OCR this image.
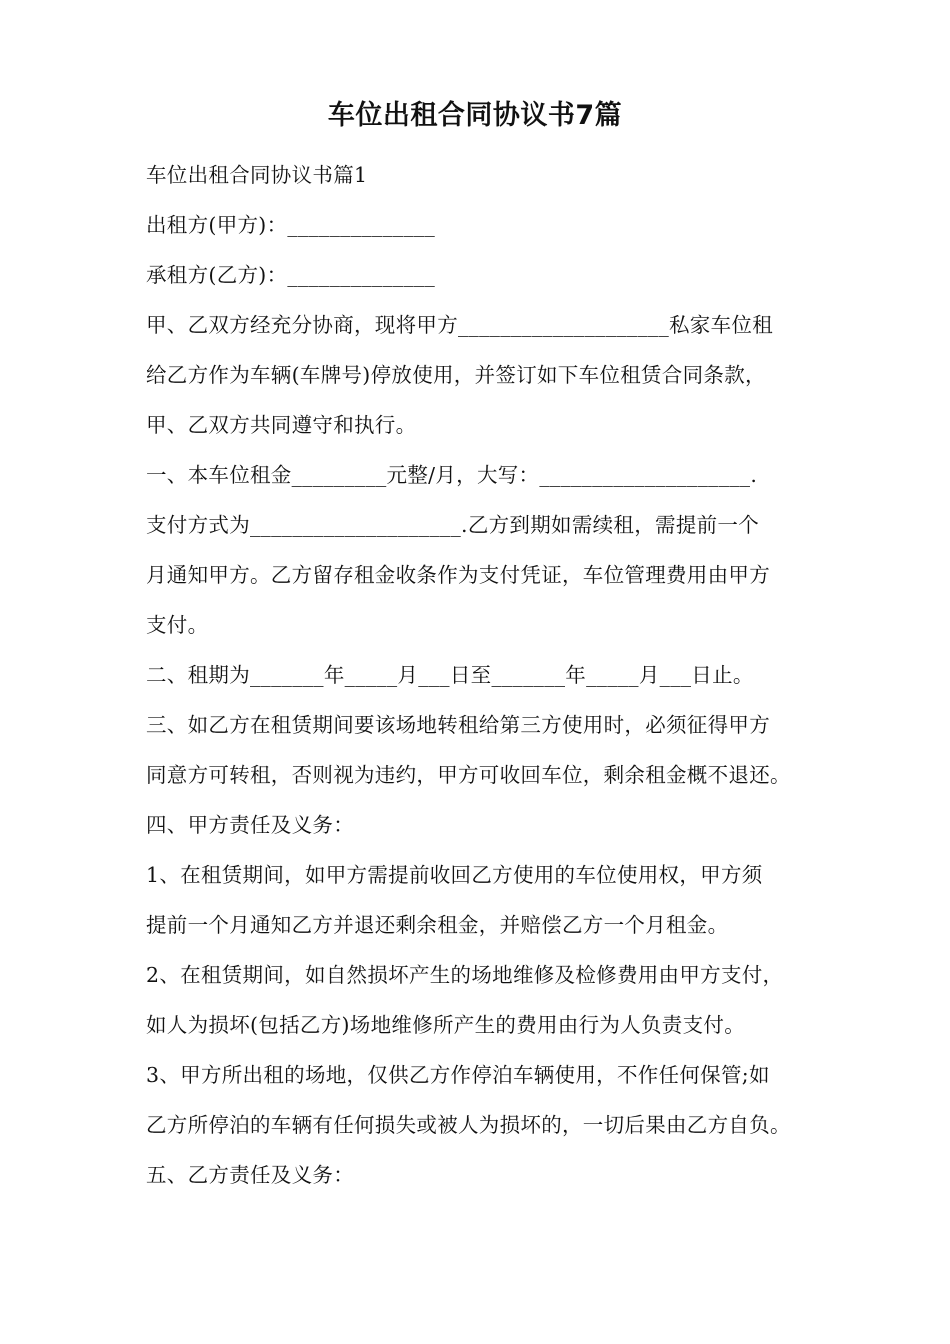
车位出租合同协议书7篇
车位出租合同协议书篇1
出租方(甲方)：______________
承租方(乙方)：______________
甲、乙双方经充分协商，现将甲方____________________私家车位租
给乙方作为车辆(车牌号)停放使用，并签订如下车位租赁合同条款，
甲、乙双方共同遵守和执行。
一、本车位租金_________元整/月，大写：____________________.
支付方式为____________________.乙方到期如需续租，需提前一个
月通知甲方。乙方留存租金收条作为支付凭证，车位管理费用由甲方
支付。
二、租期为_______年_____月___日至_______年_____月___日止。
三、如乙方在租赁期间要该场地转租给第三方使用时，必须征得甲方
同意方可转租，否则视为违约，甲方可收回车位，剩余租金概不退还。
四、甲方责任及义务：
1、在租赁期间，如甲方需提前收回乙方使用的车位使用权，甲方须
提前一个月通知乙方并退还剩余租金，并赔偿乙方一个月租金。
2、在租赁期间，如自然损坏产生的场地维修及检修费用由甲方支付，
如人为损坏(包括乙方)场地维修所产生的费用由行为人负责支付。
3、甲方所出租的场地，仅供乙方作停泊车辆使用，不作任何保管;如
乙方所停泊的车辆有任何损失或被人为损坏的，一切后果由乙方自负。
五、乙方责任及义务：
